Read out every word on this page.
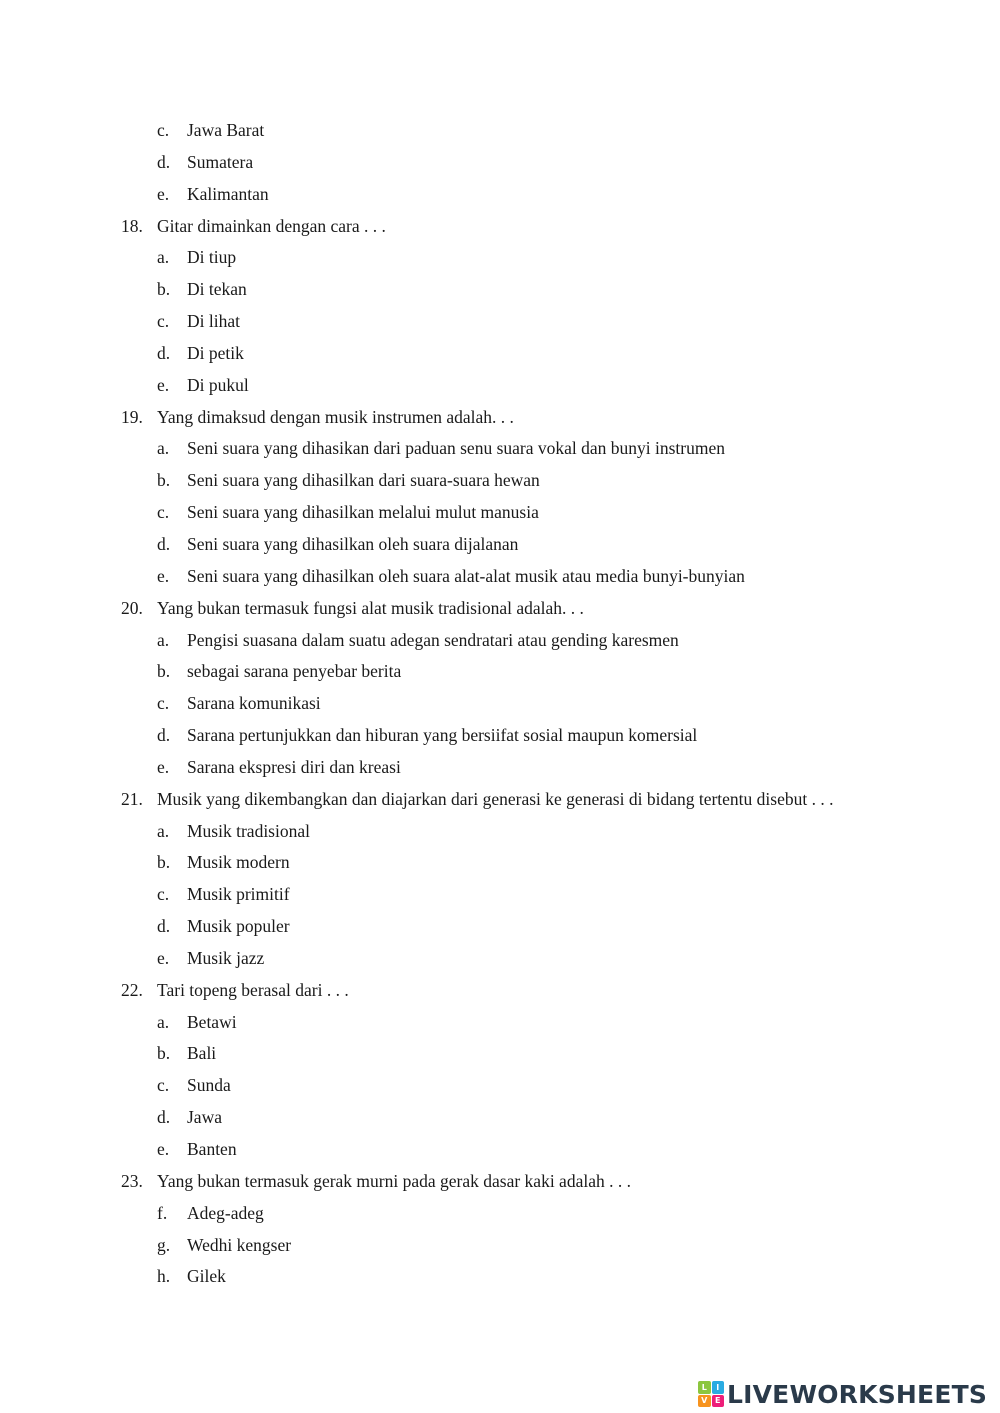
c. Jawa Barat
d. Sumatera
e. Kalimantan
18. Gitar dimainkan dengan cara . . .
a. Di tiup
b. Di tekan
c. Di lihat
d. Di petik
e. Di pukul
19. Yang dimaksud dengan musik instrumen adalah. . .
a. Seni suara yang dihasikan dari paduan senu suara vokal dan bunyi instrumen
b. Seni suara yang dihasilkan dari suara-suara hewan
c. Seni suara yang dihasilkan melalui mulut manusia
d. Seni suara yang dihasilkan oleh suara dijalanan
e. Seni suara yang dihasilkan oleh suara alat-alat musik atau media bunyi-bunyian
20. Yang bukan termasuk fungsi alat musik tradisional adalah. . .
a. Pengisi suasana dalam suatu adegan sendratari atau gending karesmen
b. sebagai sarana penyebar berita
c. Sarana komunikasi
d. Sarana pertunjukkan dan hiburan yang bersiifat sosial maupun komersial
e. Sarana ekspresi diri dan kreasi
21. Musik yang dikembangkan dan diajarkan dari generasi ke generasi di bidang tertentu disebut . . .
a. Musik tradisional
b. Musik modern
c. Musik primitif
d. Musik populer
e. Musik jazz
22. Tari topeng berasal dari . . .
a. Betawi
b. Bali
c. Sunda
d. Jawa
e. Banten
23. Yang bukan termasuk gerak murni pada gerak dasar kaki adalah . . .
f. Adeg-adeg
g. Wedhi kengser
h. Gilek
L	I
V E LIVEWORKSHEETS
